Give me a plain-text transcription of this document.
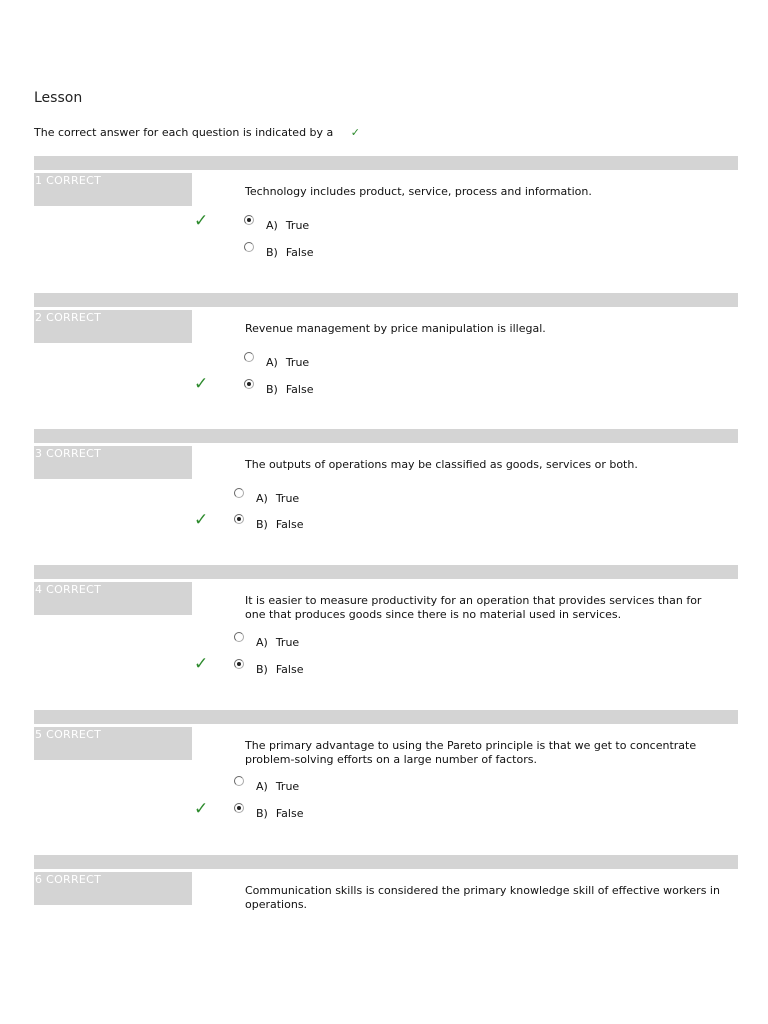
Lesson
The correct answer for each question is indicated by a ✓
1 CORRECT
Technology includes product, service, process and information.
A) True
B) False
✓
2 CORRECT
Revenue management by price manipulation is illegal.
A) True
B) False
✓
3 CORRECT
The outputs of operations may be classified as goods, services or both.
A) True
B) False
✓
4 CORRECT
It is easier to measure productivity for an operation that provides services than for one that produces goods since there is no material used in services.
A) True
B) False
✓
5 CORRECT
The primary advantage to using the Pareto principle is that we get to concentrate problem-solving efforts on a large number of factors.
A) True
B) False
✓
6 CORRECT
Communication skills is considered the primary knowledge skill of effective workers in operations.
